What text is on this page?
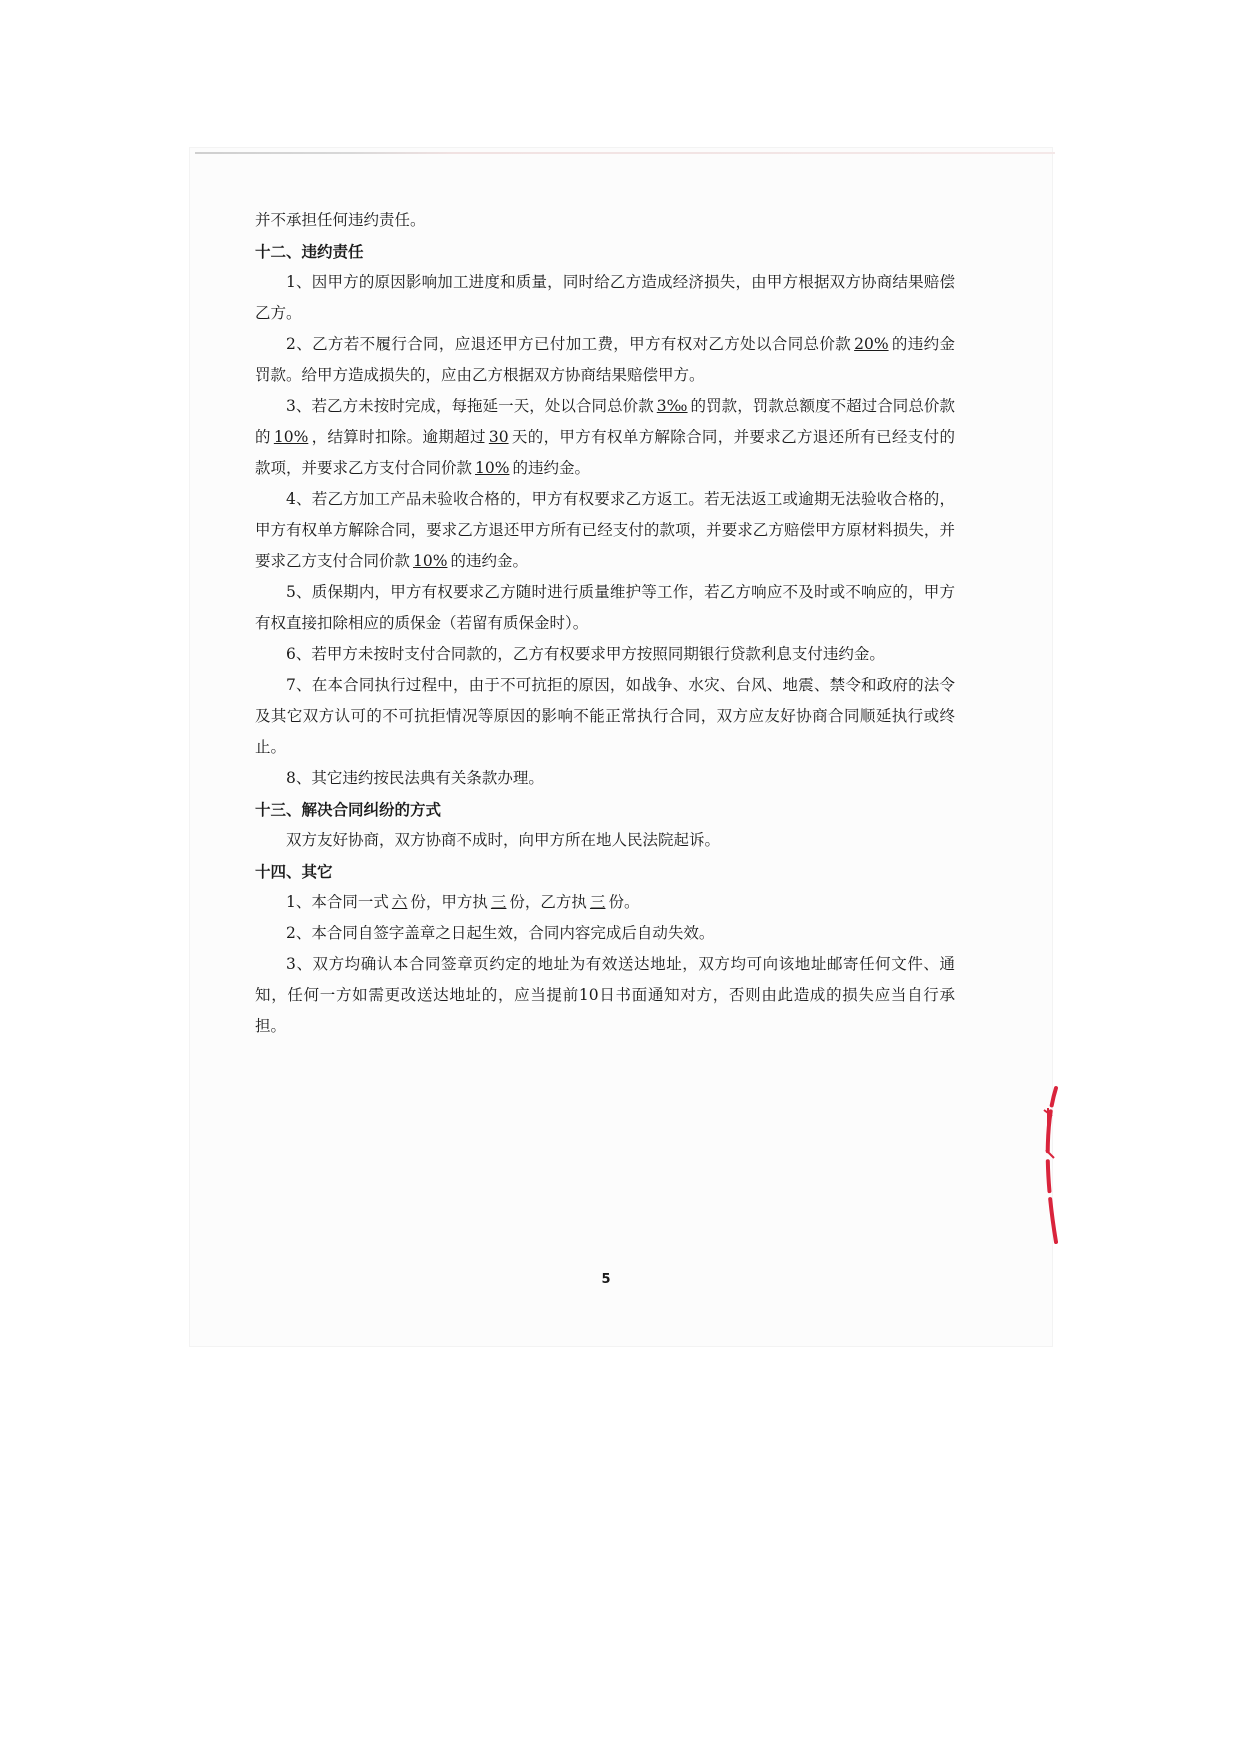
并不承担任何违约责任。

十二、违约责任

1、因甲方的原因影响加工进度和质量，同时给乙方造成经济损失，由甲方根据双方协商结果赔偿乙方。

2、乙方若不履行合同，应退还甲方已付加工费，甲方有权对乙方处以合同总价款 20% 的违约金罚款。给甲方造成损失的，应由乙方根据双方协商结果赔偿甲方。

3、若乙方未按时完成，每拖延一天，处以合同总价款 3‰ 的罚款，罚款总额度不超过合同总价款的 10% ，结算时扣除。逾期超过 30 天的，甲方有权单方解除合同，并要求乙方退还所有已经支付的款项，并要求乙方支付合同价款 10% 的违约金。

4、若乙方加工产品未验收合格的，甲方有权要求乙方返工。若无法返工或逾期无法验收合格的，甲方有权单方解除合同，要求乙方退还甲方所有已经支付的款项，并要求乙方赔偿甲方原材料损失，并要求乙方支付合同价款 10% 的违约金。

5、质保期内，甲方有权要求乙方随时进行质量维护等工作，若乙方响应不及时或不响应的，甲方有权直接扣除相应的质保金（若留有质保金时）。

6、若甲方未按时支付合同款的，乙方有权要求甲方按照同期银行贷款利息支付违约金。

7、在本合同执行过程中，由于不可抗拒的原因，如战争、水灾、台风、地震、禁令和政府的法令及其它双方认可的不可抗拒情况等原因的影响不能正常执行合同，双方应友好协商合同顺延执行或终止。

8、其它违约按民法典有关条款办理。

十三、解决合同纠纷的方式

双方友好协商，双方协商不成时，向甲方所在地人民法院起诉。

十四、其它

1、本合同一式 六 份，甲方执 三 份，乙方执 三 份。

2、本合同自签字盖章之日起生效，合同内容完成后自动失效。

3、双方均确认本合同签章页约定的地址为有效送达地址，双方均可向该地址邮寄任何文件、通知，任何一方如需更改送达地址的，应当提前10日书面通知对方，否则由此造成的损失应当自行承担。

5
